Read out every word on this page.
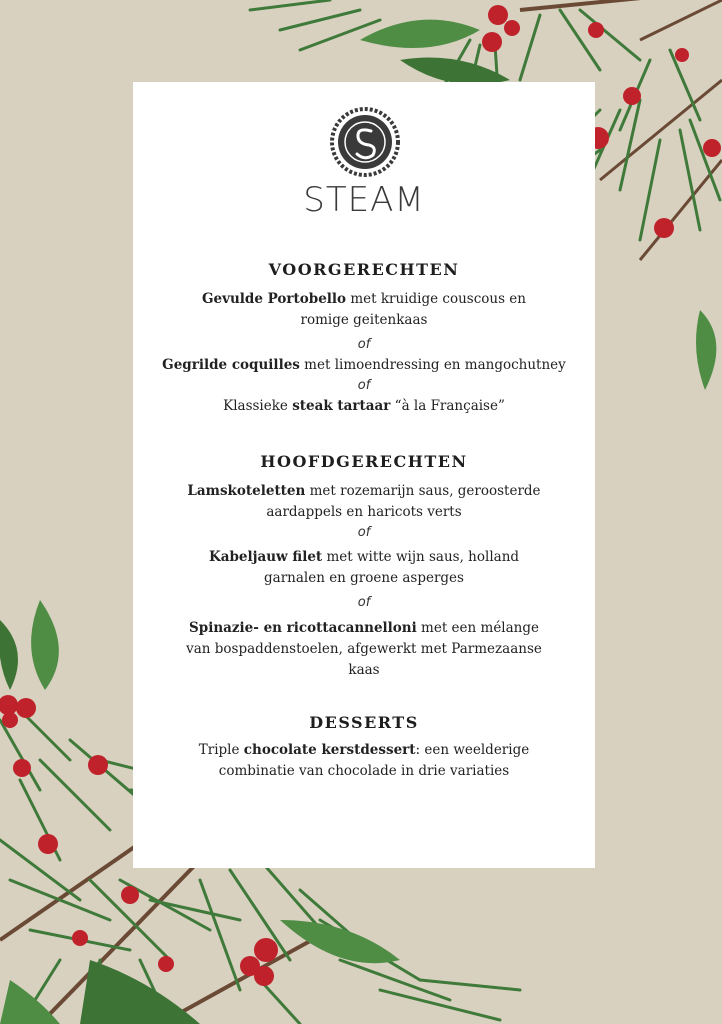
STEAM
VOORGERECHTEN

Gevulde Portobello met kruidige couscous en
romige geitenkaas

of

Gegrilde coquilles met limoendressing en mangochutney

of

Klassieke steak tartaar “à la Française”

HOOFDGERECHTEN

Lamskoteletten met rozemarijn saus, geroosterde
aardappels en haricots verts

of

Kabeljauw filet met witte wijn saus, holland
garnalen en groene asperges

of

Spinazie- en ricottacannelloni met een mélange
van bospaddenstoelen, afgewerkt met Parmezaanse
kaas

DESSERTS

Triple chocolate kerstdessert: een weelderige
combinatie van chocolade in drie variaties
